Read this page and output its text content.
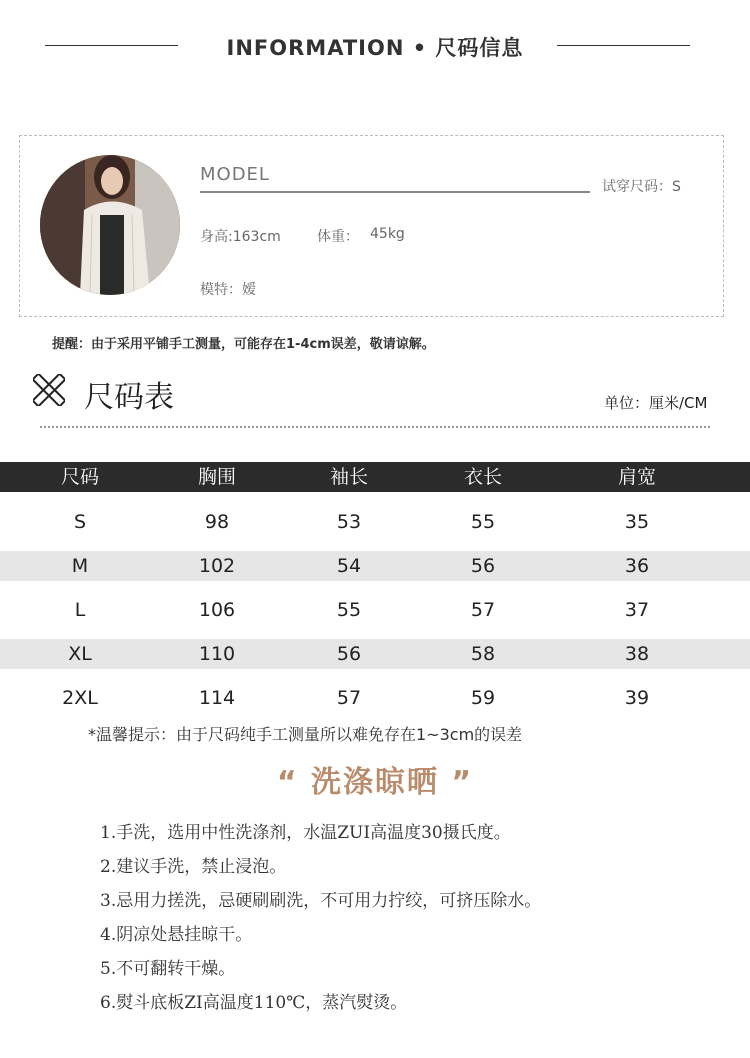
INFORMATION • 尺码信息
MODEL
试穿尺码：S
身高:163cm	体重： 45kg
模特：嫒
提醒：由于采用平铺手工测量，可能存在1-4cm误差，敬请谅解。
尺码表	单位：厘米/CM
尺码	胸围	袖长	衣长	肩宽
S	98	53	55	35
M	102	54	56	36
L	106	55	57	37
XL	110	56	58	38
2XL	114	57	59	39
*温馨提示：由于尺码纯手工测量所以难免存在1~3cm的误差
“ 洗涤晾晒 ”
1.手洗，选用中性洗涤剂，水温ZUI高温度30摄氏度。
2.建议手洗，禁止浸泡。
3.忌用力搓洗，忌硬刷刷洗，不可用力拧绞，可挤压除水。
4.阴凉处悬挂晾干。
5.不可翻转干燥。
6.熨斗底板ZI高温度110℃，蒸汽熨烫。
